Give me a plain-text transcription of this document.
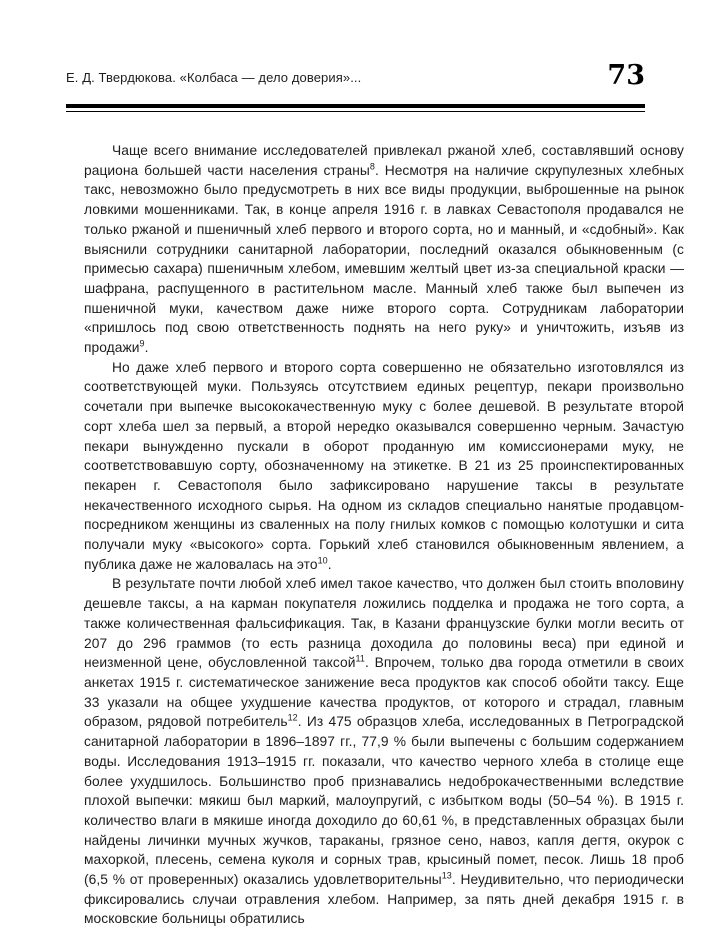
Е. Д. Твердюкова. «Колбаса — дело доверия»...	73

Чаще всего внимание исследователей привлекал ржаной хлеб, составлявший основу рациона большей части населения страны$^8$. Несмотря на наличие скрупулезных хлебных такс, невозможно было предусмотреть в них все виды продукции, выброшенные на рынок ловкими мошенниками. Так, в конце апреля 1916 г. в лавках Севастополя продавался не только ржаной и пшеничный хлеб первого и второго сорта, но и манный, и «сдобный». Как выяснили сотрудники санитарной лаборатории, последний оказался обыкновенным (с примесью сахара) пшеничным хлебом, имевшим желтый цвет из-за специальной краски — шафрана, распущенного в растительном масле. Манный хлеб также был выпечен из пшеничной муки, качеством даже ниже второго сорта. Сотрудникам лаборатории «пришлось под свою ответственность поднять на него руку» и уничтожить, изъяв из продажи$^9$.

Но даже хлеб первого и второго сорта совершенно не обязательно изготовлялся из соответствующей муки. Пользуясь отсутствием единых рецептур, пекари произвольно сочетали при выпечке высококачественную муку с более дешевой. В результате второй сорт хлеба шел за первый, а второй нередко оказывался совершенно черным. Зачастую пекари вынужденно пускали в оборот проданную им комиссионерами муку, не соответствовавшую сорту, обозначенному на этикетке. В 21 из 25 проинспектированных пекарен г. Севастополя было зафиксировано нарушение таксы в результате некачественного исходного сырья. На одном из складов специально нанятые продавцом-посредником женщины из сваленных на полу гнилых комков с помощью колотушки и сита получали муку «высокого» сорта. Горький хлеб становился обыкновенным явлением, а публика даже не жаловалась на это$^{10}$.

В результате почти любой хлеб имел такое качество, что должен был стоить вполовину дешевле таксы, а на карман покупателя ложились подделка и продажа не того сорта, а также количественная фальсификация. Так, в Казани французские булки могли весить от 207 до 296 граммов (то есть разница доходила до половины веса) при единой и неизменной цене, обусловленной таксой$^{11}$. Впрочем, только два города отметили в своих анкетах 1915 г. систематическое занижение веса продуктов как способ обойти таксу. Еще 33 указали на общее ухудшение качества продуктов, от которого и страдал, главным образом, рядовой потребитель$^{12}$. Из 475 образцов хлеба, исследованных в Петроградской санитарной лаборатории в 1896–1897 гг., 77,9 % были выпечены с большим содержанием воды. Исследования 1913–1915 гг. показали, что качество черного хлеба в столице еще более ухудшилось. Большинство проб признавались недоброкачественными вследствие плохой выпечки: мякиш был маркий, малоупругий, с избытком воды (50–54 %). В 1915 г. количество влаги в мякише иногда доходило до 60,61 %, в представленных образцах были найдены личинки мучных жучков, тараканы, грязное сено, навоз, капля дегтя, окурок с махоркой, плесень, семена куколя и сорных трав, крысиный помет, песок. Лишь 18 проб (6,5 % от проверенных) оказались удовлетворительны$^{13}$. Неудивительно, что периодически фиксировались случаи отравления хлебом. Например, за пять дней декабря 1915 г. в московские больницы обратились
